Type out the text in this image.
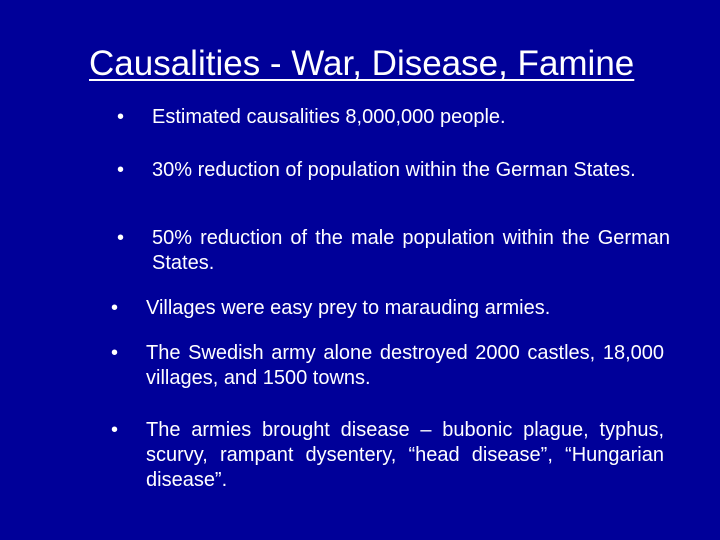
Causalities - War, Disease, Famine
• Estimated causalities 8,000,000 people.
• 30% reduction of population within the German States.
• 50% reduction of the male population within the German States.
• Villages were easy prey to marauding armies.
• The Swedish army alone destroyed 2000 castles, 18,000 villages, and 1500 towns.
• The armies brought disease – bubonic plague, typhus, scurvy, rampant dysentery, “head disease”, “Hungarian disease”.
